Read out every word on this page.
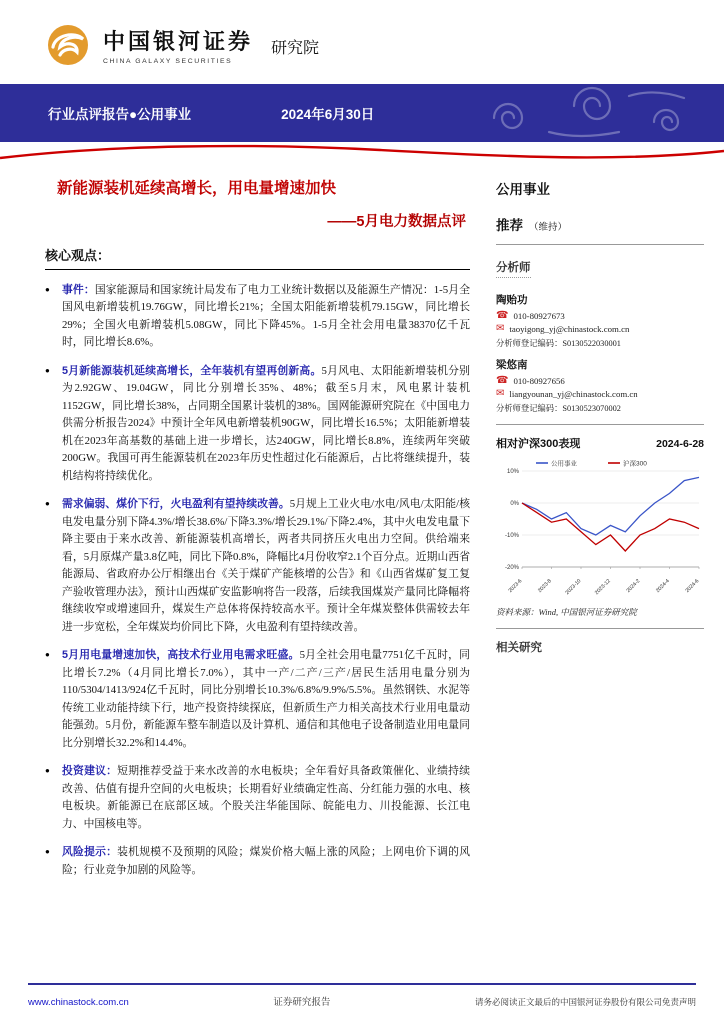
中国银河证券
CHINA GALAXY SECURITIES
研究院
行业点评报告●公用事业	2024年6月30日
新能源装机延续高增长，用电量增速加快
——5月电力数据点评
核心观点：
● 事件：国家能源局和国家统计局发布了电力工业统计数据以及能源生产情况：1-5月全国风电新增装机19.76GW，同比增长21%；全国太阳能新增装机79.15GW，同比增长29%；全国火电新增装机5.08GW，同比下降45%。1-5月全社会用电量38370亿千瓦时，同比增长8.6%。
● 5月新能源装机延续高增长，全年装机有望再创新高。5月风电、太阳能新增装机分别为2.92GW、19.04GW，同比分别增长35%、48%；截至5月末，风电累计装机1152GW，同比增长38%，占同期全国累计装机的38%。国网能源研究院在《中国电力供需分析报告2024》中预计全年风电新增装机90GW，同比增长16.5%；太阳能新增装机在2023年高基数的基础上进一步增长，达240GW，同比增长8.8%，连续两年突破200GW。我国可再生能源装机在2023年历史性超过化石能源后，占比将继续提升，装机结构将持续优化。
● 需求偏弱、煤价下行，火电盈利有望持续改善。5月规上工业火电/水电/风电/太阳能/核电发电量分别下降4.3%/增长38.6%/下降3.3%/增长29.1%/下降2.4%，其中火电发电量下降主要由于来水改善、新能源装机高增长，两者共同挤压火电出力空间。供给端来看，5月原煤产量3.8亿吨，同比下降0.8%，降幅比4月份收窄2.1个百分点。近期山西省能源局、省政府办公厅相继出台《关于煤矿产能核增的公告》和《山西省煤矿复工复产验收管理办法》，预计山西煤矿安监影响将告一段落，后续我国煤炭产量同比降幅将继续收窄或增速回升，煤炭生产总体将保持较高水平。预计全年煤炭整体供需较去年进一步宽松，全年煤炭均价同比下降，火电盈利有望持续改善。
● 5月用电量增速加快，高技术行业用电需求旺盛。5月全社会用电量7751亿千瓦时，同比增长7.2%（4月同比增长7.0%），其中一产/二产/三产/居民生活用电量分别为110/5304/1413/924亿千瓦时，同比分别增长10.3%/6.8%/9.9%/5.5%。虽然钢铁、水泥等传统工业动能持续下行，地产投资持续探底，但新质生产力相关高技术行业用电量动能强劲。5月份，新能源车整车制造以及计算机、通信和其他电子设备制造业用电量同比分别增长32.2%和14.4%。
● 投资建议：短期推荐受益于来水改善的水电板块；全年看好具备政策催化、业绩持续改善、估值有提升空间的火电板块；长期看好业绩确定性高、分红能力强的水电、核电板块。新能源已在底部区域。个股关注华能国际、皖能电力、川投能源、长江电力、中国核电等。
● 风险提示：装机规模不及预期的风险；煤炭价格大幅上涨的风险；上网电价下调的风险；行业竞争加剧的风险等。
公用事业
推荐 （维持）
分析师
陶贻功
☎ 010-80927673
✉ taoyigong_yj@chinastock.com.cn
分析师登记编码：S0130522030001
梁悠南
☎ 010-80927656
✉ liangyounan_yj@chinastock.com.cn
分析师登记编码：S0130523070002
相对沪深300表现	2024-6-28
10%
0%
-10%
-20%
2023-6	2023-8 2023-10 2023-12	2024-2	2024-4	2024-6
公用事业	沪深300
资料来源：Wind, 中国银河证券研究院
相关研究
www.chinastock.com.cn	证券研究报告	请务必阅读正文最后的中国银河证券股份有限公司免责声明
